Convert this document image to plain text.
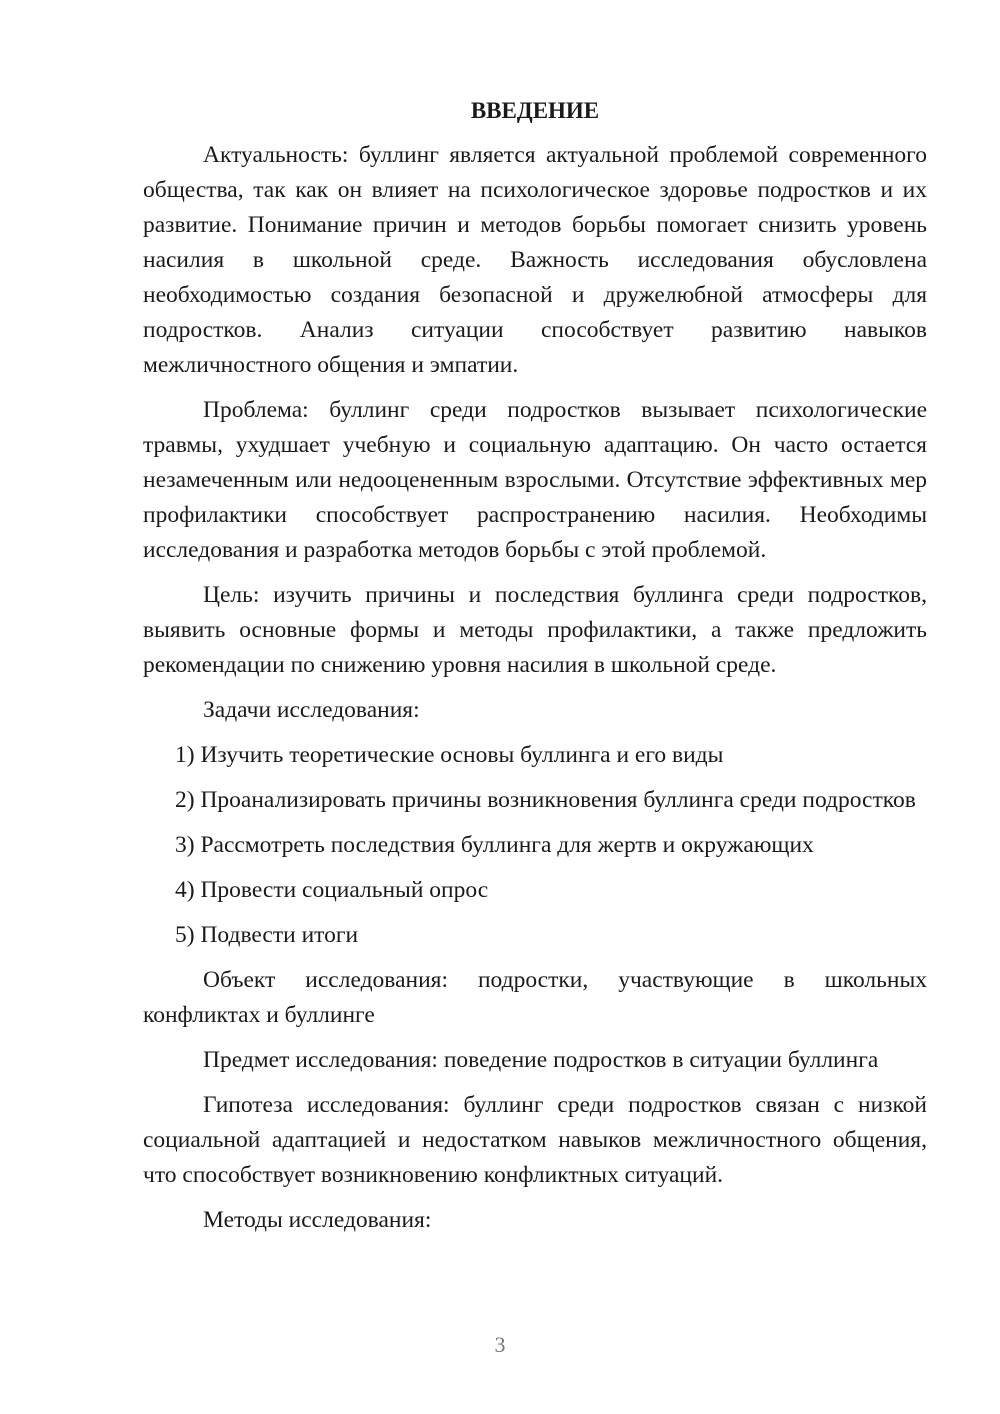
ВВЕДЕНИЕ

Актуальность: буллинг является актуальной проблемой современного общества, так как он влияет на психологическое здоровье подростков и их развитие. Понимание причин и методов борьбы помогает снизить уровень насилия в школьной среде. Важность исследования обусловлена необходимостью создания безопасной и дружелюбной атмосферы для подростков. Анализ ситуации способствует развитию навыков межличностного общения и эмпатии.

Проблема: буллинг среди подростков вызывает психологические травмы, ухудшает учебную и социальную адаптацию. Он часто остается незамеченным или недооцененным взрослыми. Отсутствие эффективных мер профилактики способствует распространению насилия. Необходимы исследования и разработка методов борьбы с этой проблемой.

Цель: изучить причины и последствия буллинга среди подростков, выявить основные формы и методы профилактики, а также предложить рекомендации по снижению уровня насилия в школьной среде.

Задачи исследования:

1) Изучить теоретические основы буллинга и его виды

2) Проанализировать причины возникновения буллинга среди подростков

3) Рассмотреть последствия буллинга для жертв и окружающих

4) Провести социальный опрос

5) Подвести итоги

Объект исследования: подростки, участвующие в школьных конфликтах и буллинге

Предмет исследования: поведение подростков в ситуации буллинга

Гипотеза исследования: буллинг среди подростков связан с низкой социальной адаптацией и недостатком навыков межличностного общения, что способствует возникновению конфликтных ситуаций.

Методы исследования:

3
